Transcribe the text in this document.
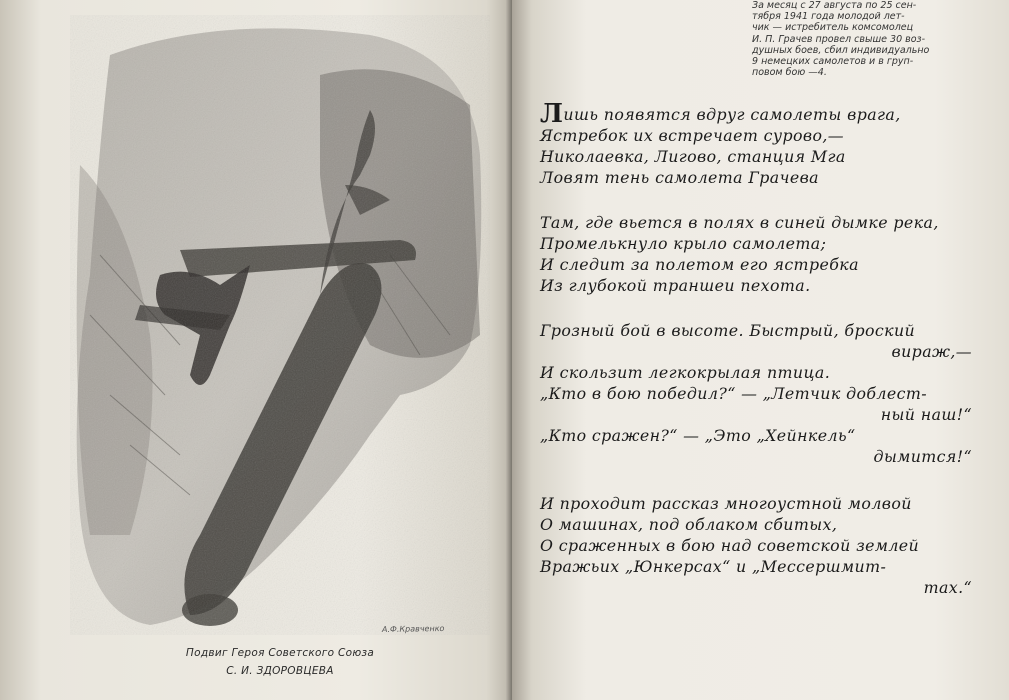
А.Ф.Кравченко
Подвиг Героя Советского Союза
С. И. ЗДОРОВЦЕВА
За месяц с 27 августа по 25 сен-
тября 1941 года молодой лет-
чик — истребитель комсомолец
И. П. Грачев провел свыше 30 воз-
душных боев, сбил индивидуально
9 немецких самолетов и в груп-
повом бою —4.
Лишь появятся вдруг самолеты врага,
Ястребок их встречает сурово,—
Николаевка, Лигово, станция Мга
Ловят тень самолета Грачева
Там, где вьется в полях в синей дымке река,
Промелькнуло крыло самолета;
И следит за полетом его ястребка
Из глубокой траншеи пехота.
Грозный бой в высоте. Быстрый, броский
вираж,—
И скользит легкокрылая птица.
„Кто в бою победил?“ — „Летчик доблест-
ный наш!“
„Кто сражен?“ — „Это „Хейнкель“
дымится!“
И проходит рассказ многоустной молвой
О машинах, под облаком сбитых,
О сраженных в бою над советской землей
Вражьих „Юнкерсах“ и „Мессершмит-
тах.“
